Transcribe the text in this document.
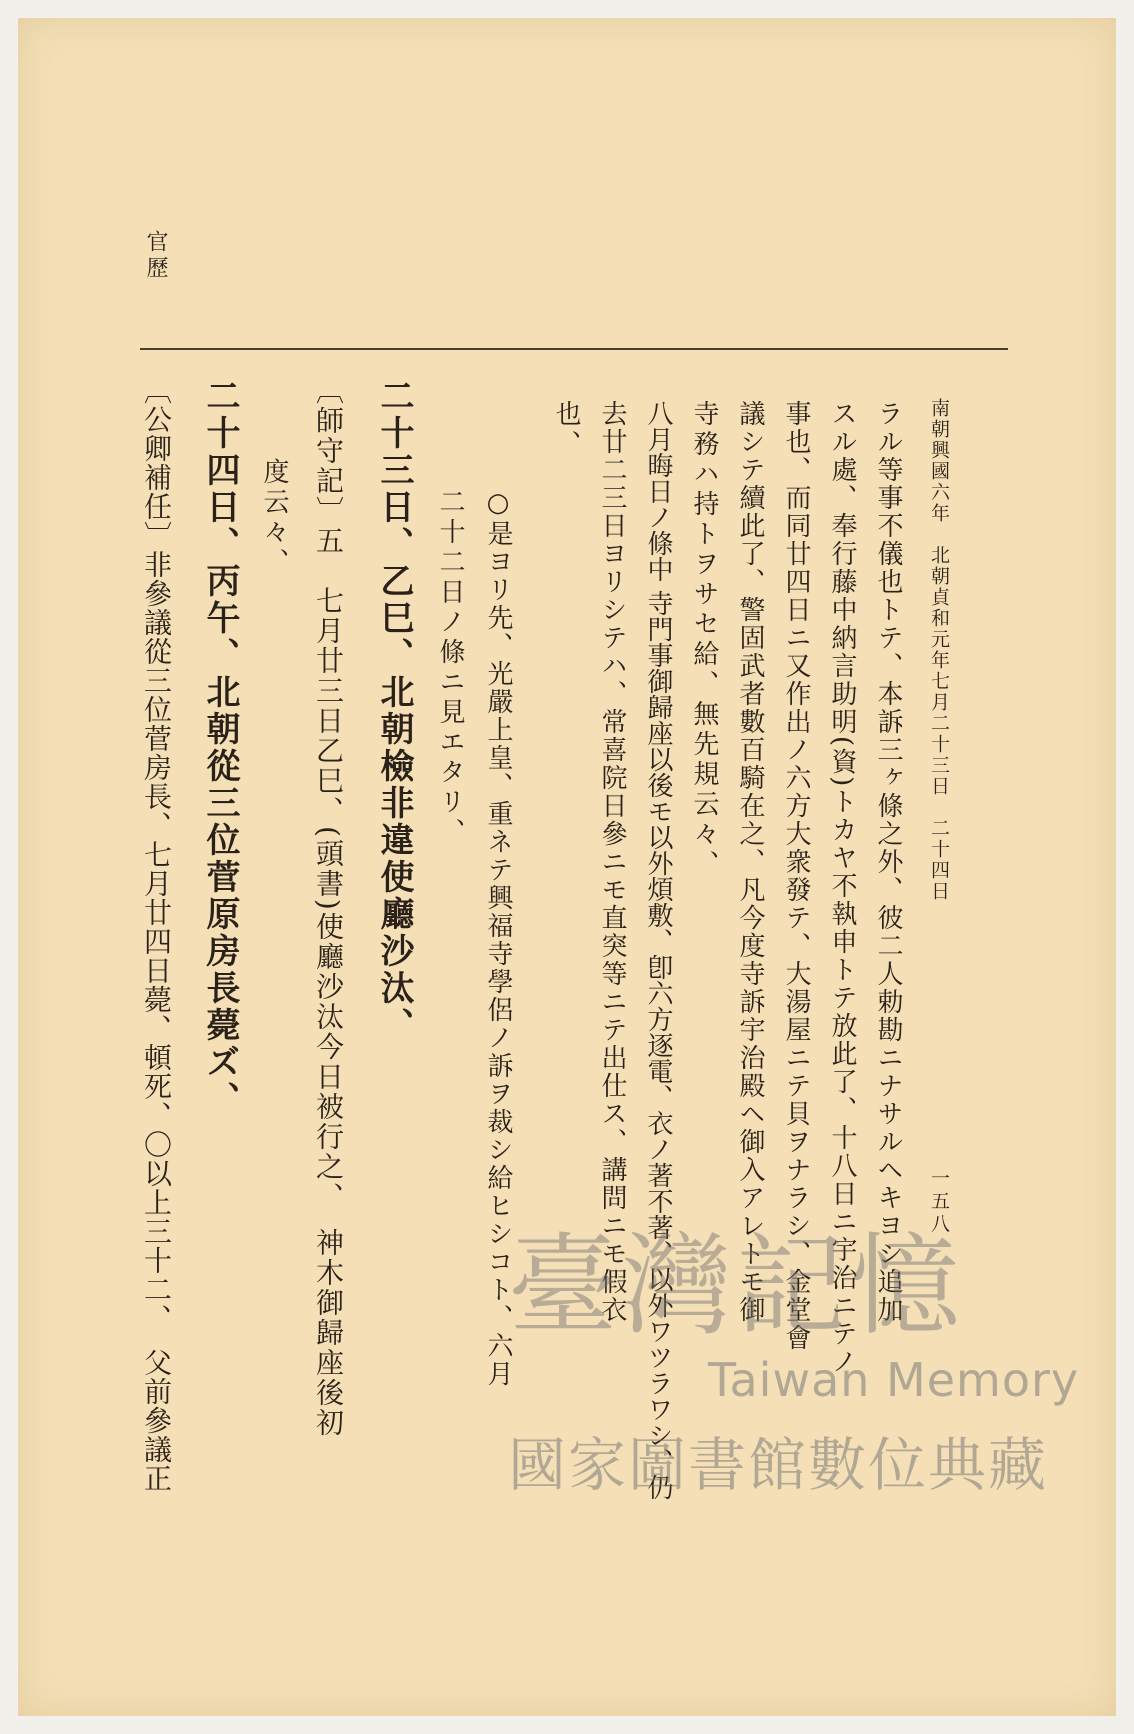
官歷
南朝興國六年　北朝貞和元年七月二十三日　二十四日
一五八
ラル等事不儀也トテ、本訴三ヶ條之外、彼二人勅勘ニナサルヘキヨシ追加
スル處、奉行藤中納言助明(資)トカヤ不執申トテ放此了、十八日ニ宇治ニテノ
事也、而同廿四日ニ又作出ノ六方大衆發テ、大湯屋ニテ貝ヲナラシ、金堂會
議シテ續此了、警固武者數百騎在之、凡今度寺訴宇治殿ヘ御入アレトモ御
寺務ハ持トヲサセ給、無先規云々、
八月晦日ノ條中 寺門事御歸座以後モ以外煩敷、卽六方逐電、衣ノ著不著、以外ワツラワシ、仍
去廿二三日ヨリシテハ、常喜院日參ニモ直突等ニテ出仕ス、講問ニモ假衣
也、
○是ヨリ先、光嚴上皇、重ネテ興福寺學侶ノ訴ヲ裁シ給ヒシコト、六月
二十二日ノ條ニ見エタリ、
二十三日、乙巳、北朝檢非違使廳沙汰、
〔師守記〕五　七月廿三日乙巳、(頭書)使廳沙汰今日被行之、　神木御歸座後初
度云々、
二十四日、丙午、北朝從三位菅原房長薨ズ、
〔公卿補任〕非參議從三位菅房長、七月廿四日薨、頓死、〇以上三十二、　父前參議正	臺灣記憶
Taiwan Memory
國家圖書館數位典藏
